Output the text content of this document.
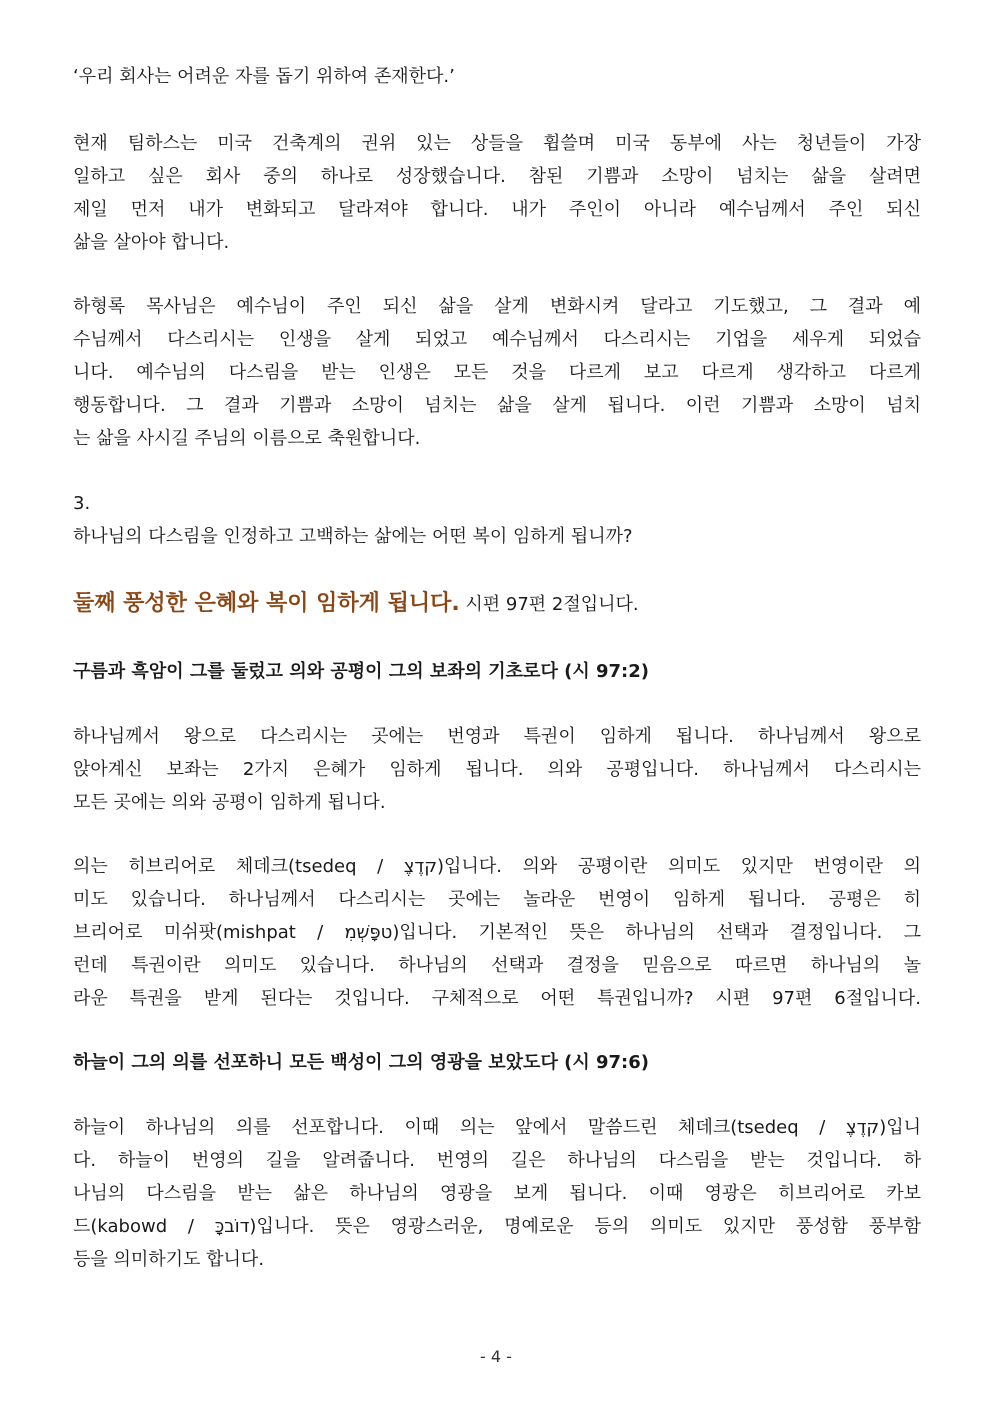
‘우리 회사는 어려운 자를 돕기 위하여 존재한다.’
현재 팀하스는 미국 건축계의 권위 있는 상들을 휩쓸며 미국 동부에 사는 청년들이 가장
일하고 싶은 회사 중의 하나로 성장했습니다. 참된 기쁨과 소망이 넘치는 삶을 살려면
제일 먼저 내가 변화되고 달라져야 합니다. 내가 주인이 아니라 예수님께서 주인 되신
삶을 살아야 합니다.
하형록 목사님은 예수님이 주인 되신 삶을 살게 변화시켜 달라고 기도했고, 그 결과 예
수님께서 다스리시는 인생을 살게 되었고 예수님께서 다스리시는 기업을 세우게 되었습
니다. 예수님의 다스림을 받는 인생은 모든 것을 다르게 보고 다르게 생각하고 다르게
행동합니다. 그 결과 기쁨과 소망이 넘치는 삶을 살게 됩니다. 이런 기쁨과 소망이 넘치
는 삶을 사시길 주님의 이름으로 축원합니다.
3.
하나님의 다스림을 인정하고 고백하는 삶에는 어떤 복이 임하게 됩니까?
둘째 풍성한 은혜와 복이 임하게 됩니다. 시편 97편 2절입니다.
구름과 흑암이 그를 둘렀고 의와 공평이 그의 보좌의 기초로다 (시 97:2)
하나님께서 왕으로 다스리시는 곳에는 번영과 특권이 임하게 됩니다. 하나님께서 왕으로
앉아계신 보좌는 2가지 은혜가 임하게 됩니다. 의와 공평입니다. 하나님께서 다스리시는
모든 곳에는 의와 공평이 임하게 됩니다.
의는 히브리어로 체데크(tsedeq / קדֶצֶ)입니다. 의와 공평이란 의미도 있지만 번영이란 의
미도 있습니다. 하나님께서 다스리시는 곳에는 놀라운 번영이 임하게 됩니다. 공평은 히
브리어로 미쉬팟(mishpat / טפָּשְׁמִ)입니다. 기본적인 뜻은 하나님의 선택과 결정입니다. 그
런데 특권이란 의미도 있습니다. 하나님의 선택과 결정을 믿음으로 따르면 하나님의 놀
라운 특권을 받게 된다는 것입니다. 구체적으로 어떤 특권입니까? 시편 97편 6절입니다.
하늘이 그의 의를 선포하니 모든 백성이 그의 영광을 보았도다 (시 97:6)
하늘이 하나님의 의를 선포합니다. 이때 의는 앞에서 말씀드린 체데크(tsedeq / קדֶצֶ)입니
다. 하늘이 번영의 길을 알려줍니다. 번영의 길은 하나님의 다스림을 받는 것입니다. 하
나님의 다스림을 받는 삶은 하나님의 영광을 보게 됩니다. 이때 영광은 히브리어로 카보
드(kabowd / דוֹבכָּ)입니다. 뜻은 영광스러운, 명예로운 등의 의미도 있지만 풍성함 풍부함
등을 의미하기도 합니다.
- 4 -
